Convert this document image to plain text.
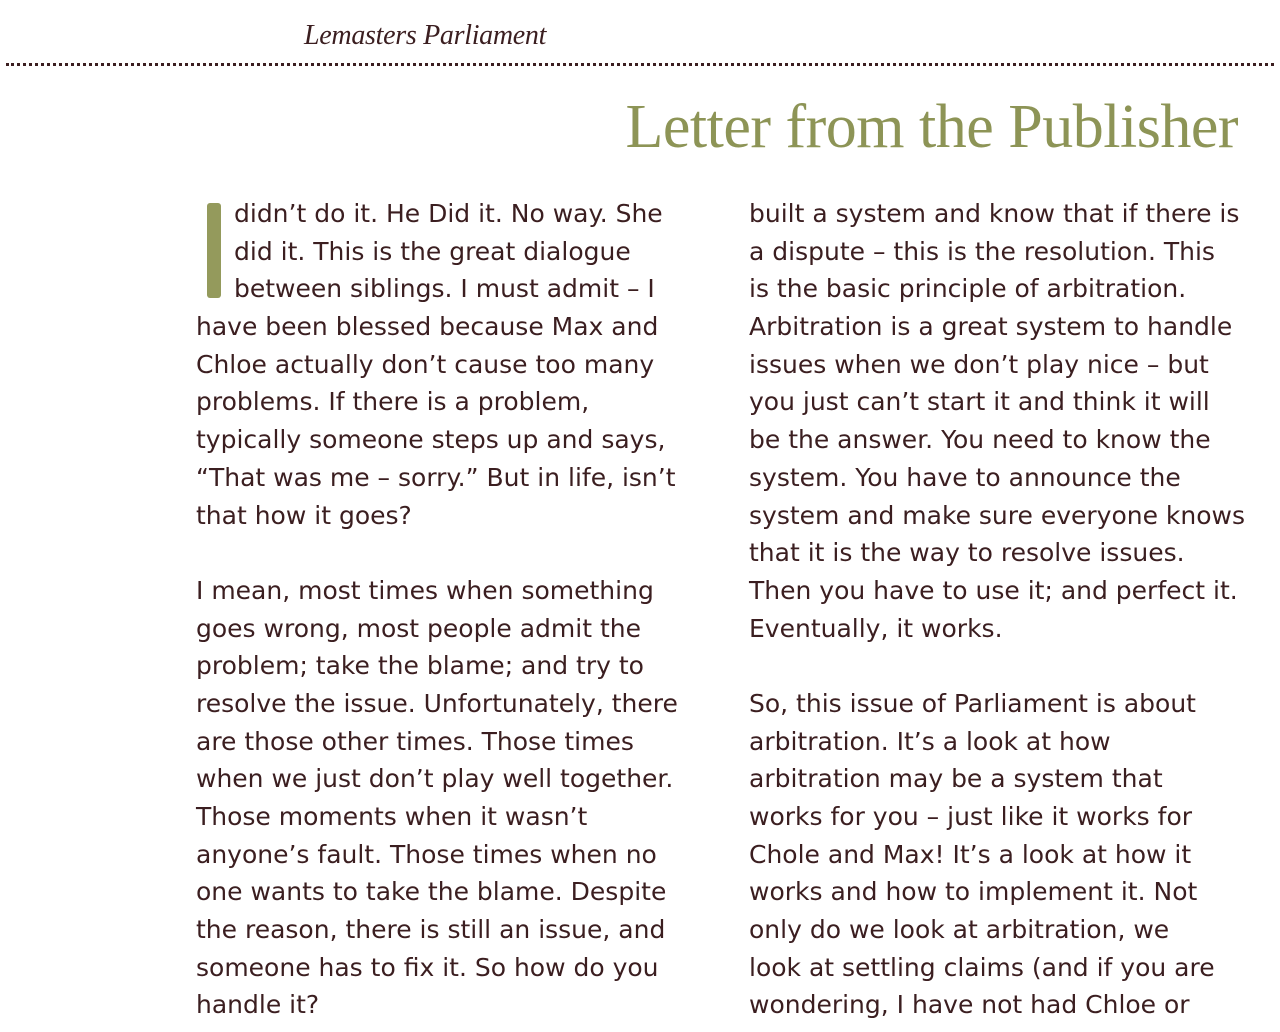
Lemasters Parliament
Letter from the Publisher
didn’t do it. He Did it. No way. She
did it. This is the great dialogue
between siblings. I must admit – I
have been blessed because Max and
Chloe actually don’t cause too many
problems. If there is a problem,
typically someone steps up and says,
“That was me – sorry.” But in life, isn’t
that how it goes?
I mean, most times when something
goes wrong, most people admit the
problem; take the blame; and try to
resolve the issue. Unfortunately, there
are those other times. Those times
when we just don’t play well together.
Those moments when it wasn’t
anyone’s fault. Those times when no
one wants to take the blame. Despite
the reason, there is still an issue, and
someone has to fix it. So how do you
handle it?
built a system and know that if there is
a dispute – this is the resolution. This
is the basic principle of arbitration.
Arbitration is a great system to handle
issues when we don’t play nice – but
you just can’t start it and think it will
be the answer. You need to know the
system. You have to announce the
system and make sure everyone knows
that it is the way to resolve issues.
Then you have to use it; and perfect it.
Eventually, it works.
So, this issue of Parliament is about
arbitration. It’s a look at how
arbitration may be a system that
works for you – just like it works for
Chole and Max! It’s a look at how it
works and how to implement it. Not
only do we look at arbitration, we
look at settling claims (and if you are
wondering, I have not had Chloe or
